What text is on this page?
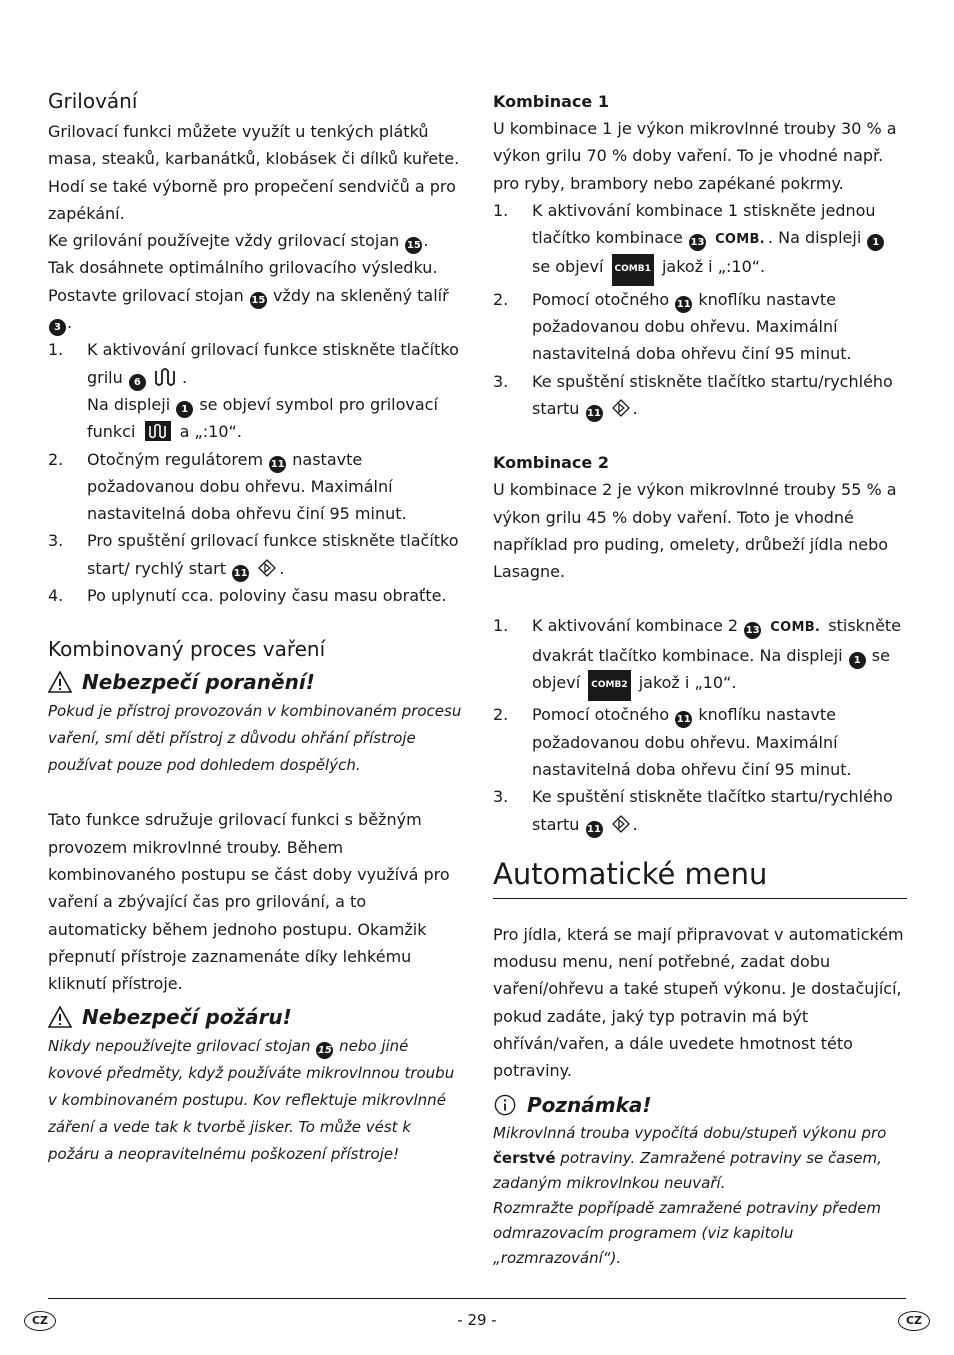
Grilování

Grilovací funkci můžete využít u tenkých plátků masa, steaků, karbanátků, klobásek či dílků kuřete. Hodí se také výborně pro propečení sendvičů a pro zapékání.

Ke grilování používejte vždy grilovací stojan 15 .

Tak dosáhnete optimálního grilovacího výsledku.

Postavte grilovací stojan 15 vždy na skleněný talíř 3 .

1. K aktivování grilovací funkce stiskněte tlačítko grilu 6	.
Na displeji 1 se objeví symbol pro grilovací funkci	a „:10“.
2. Otočným regulátorem 11 nastavte požadovanou dobu ohřevu. Maximální nastavitelná doba ohřevu činí 95 minut.
3. Pro spuštění grilovací funkce stiskněte tlačítko start/ rychlý start 11 .
4. Po uplynutí cca. poloviny času masu obraťte.
Kombinovaný proces vaření
Nebezpečí poranění!

Pokud je přístroj provozován v kombinovaném procesu vaření, smí děti přístroj z důvodu ohřání přístroje používat pouze pod dohledem dospělých.

Tato funkce sdružuje grilovací funkci s běžným provozem mikrovlnné trouby. Během kombinovaného postupu se část doby využívá pro vaření a zbývající čas pro grilování, a to automaticky během jednoho postupu. Okamžik přepnutí přístroje zaznamenáte díky lehkému kliknutí přístroje.

Nebezpečí požáru!

Nikdy nepoužívejte grilovací stojan 15 nebo jiné kovové předměty, když používáte mikrovlnnou troubu v kombinovaném postupu. Kov reflektuje mikrovlnné záření a vede tak k tvorbě jisker. To může vést k požáru a neopravitelnému poškození přístroje!

Kombinace 1

U kombinace 1 je výkon mikrovlnné trouby 30 % a výkon grilu 70 % doby vaření. To je vhodné např. pro ryby, brambory nebo zapékané pokrmy.

1. K aktivování kombinace 1 stiskněte jednou tlačítko kombinace 13 COMB. . Na displeji 1 se objeví COMB1 jakož i „:10“.
2. Pomocí otočného 11 knoflíku nastavte požadovanou dobu ohřevu. Maximální nastavitelná doba ohřevu činí 95 minut.
3. Ke spuštění stiskněte tlačítko startu/rychlého startu 11 .

Kombinace 2

U kombinace 2 je výkon mikrovlnné trouby 55 % a výkon grilu 45 % doby vaření. Toto je vhodné například pro puding, omelety, drůbeží jídla nebo Lasagne.

1. K aktivování kombinace 2 13 COMB. stiskněte dvakrát tlačítko kombinace. Na displeji 1 se objeví COMB2 jakož i „10“.
2. Pomocí otočného 11 knoflíku nastavte požadovanou dobu ohřevu. Maximální nastavitelná doba ohřevu činí 95 minut.
3. Ke spuštění stiskněte tlačítko startu/rychlého startu 11 .
Automatické menu

Pro jídla, která se mají připravovat v automatickém modusu menu, není potřebné, zadat dobu vaření/ohřevu a také stupeň výkonu. Je dostačující, pokud zadáte, jaký typ potravin má být ohříván/vařen, a dále uvedete hmotnost této potraviny.

Poznámka!

Mikrovlnná trouba vypočítá dobu/stupeň výkonu pro čerstvé potraviny. Zamražené potraviny se časem, zadaným mikrovlnkou neuvaří.
Rozmražte popřípadě zamražené potraviny předem odmrazovacím programem (viz kapitolu „rozmrazování“).

CZ	- 29 -	CZ
